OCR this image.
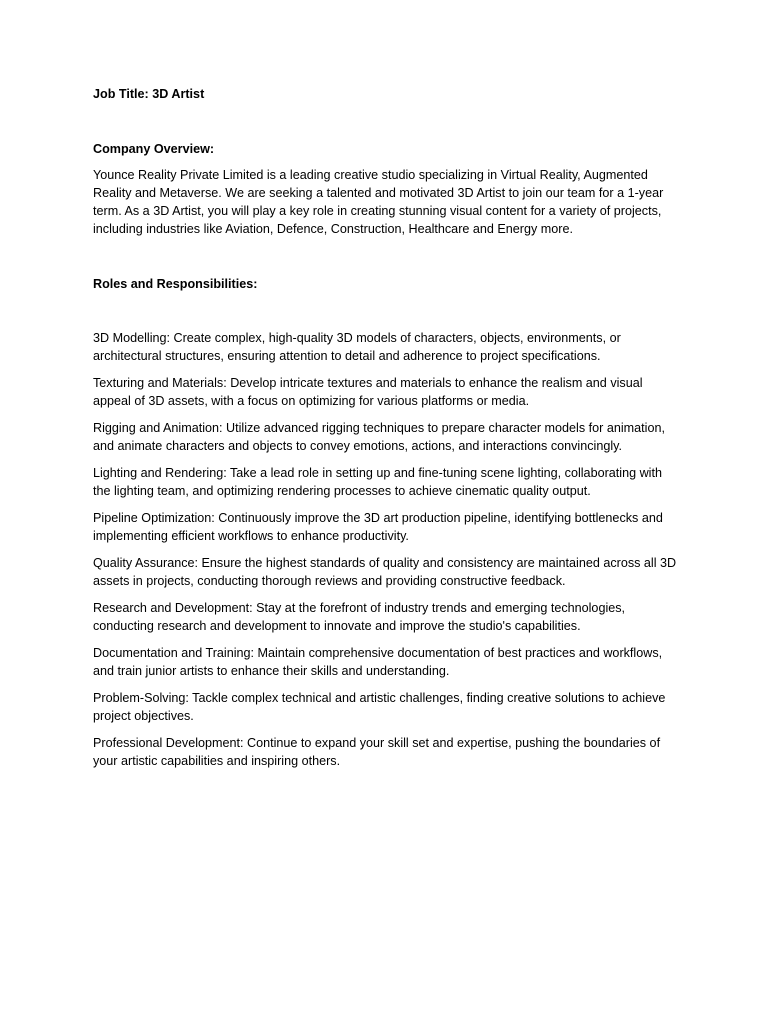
Job Title: 3D Artist

Company Overview:

Younce Reality Private Limited is a leading creative studio specializing in Virtual Reality, Augmented Reality and Metaverse. We are seeking a talented and motivated 3D Artist to join our team for a 1-year term. As a 3D Artist, you will play a key role in creating stunning visual content for a variety of projects, including industries like Aviation, Defence, Construction, Healthcare and Energy more.

Roles and Responsibilities:

3D Modelling: Create complex, high-quality 3D models of characters, objects, environments, or architectural structures, ensuring attention to detail and adherence to project specifications.
Texturing and Materials: Develop intricate textures and materials to enhance the realism and visual appeal of 3D assets, with a focus on optimizing for various platforms or media.
Rigging and Animation: Utilize advanced rigging techniques to prepare character models for animation, and animate characters and objects to convey emotions, actions, and interactions convincingly.
Lighting and Rendering: Take a lead role in setting up and fine-tuning scene lighting, collaborating with the lighting team, and optimizing rendering processes to achieve cinematic quality output.
Pipeline Optimization: Continuously improve the 3D art production pipeline, identifying bottlenecks and implementing efficient workflows to enhance productivity.
Quality Assurance: Ensure the highest standards of quality and consistency are maintained across all 3D assets in projects, conducting thorough reviews and providing constructive feedback.
Research and Development: Stay at the forefront of industry trends and emerging technologies, conducting research and development to innovate and improve the studio's capabilities.
Documentation and Training: Maintain comprehensive documentation of best practices and workflows, and train junior artists to enhance their skills and understanding.
Problem-Solving: Tackle complex technical and artistic challenges, finding creative solutions to achieve project objectives.
Professional Development: Continue to expand your skill set and expertise, pushing the boundaries of your artistic capabilities and inspiring others.
